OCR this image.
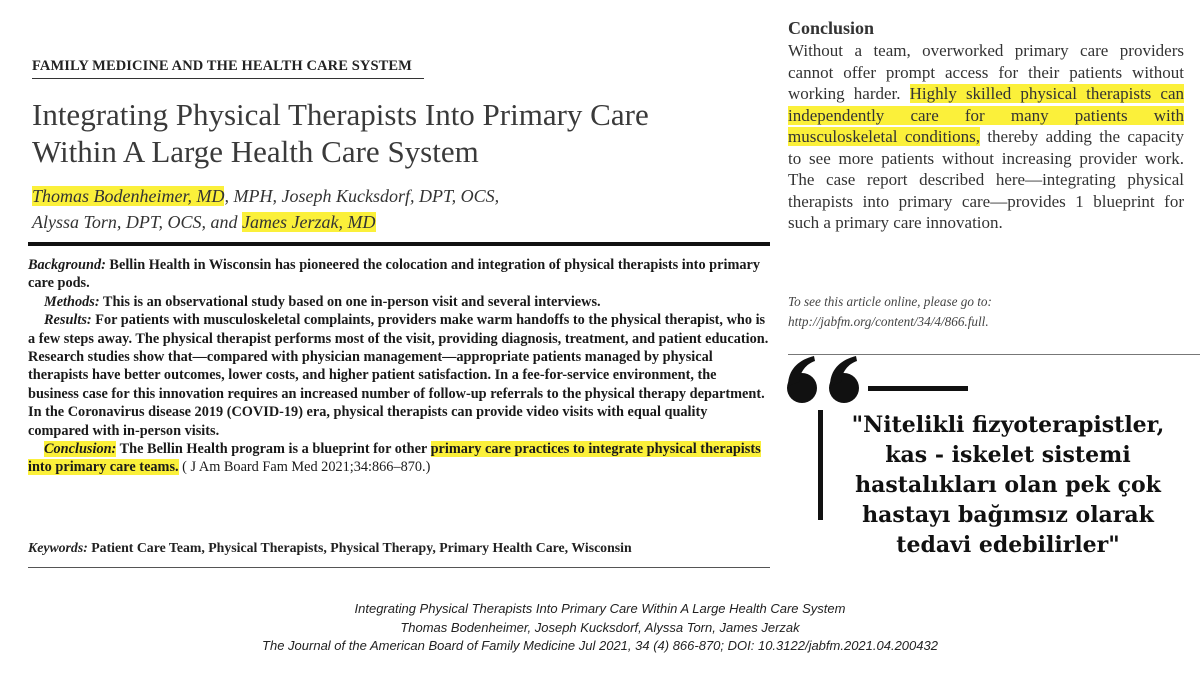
FAMILY MEDICINE AND THE HEALTH CARE SYSTEM
Integrating Physical Therapists Into Primary Care
Within A Large Health Care System
Thomas Bodenheimer, MD, MPH, Joseph Kucksdorf, DPT, OCS,
Alyssa Torn, DPT, OCS, and James Jerzak, MD

Background: Bellin Health in Wisconsin has pioneered the colocation and integration of physical therapists into primary care pods.

Methods: This is an observational study based on one in-person visit and several interviews.

Results: For patients with musculoskeletal complaints, providers make warm handoffs to the physical therapist, who is a few steps away. The physical therapist performs most of the visit, providing diagnosis, treatment, and patient education. Research studies show that—compared with physician management—appropriate patients managed by physical therapists have better outcomes, lower costs, and higher patient satisfaction. In a fee-for-service environment, the business case for this innovation requires an increased number of follow-up referrals to the physical therapy department. In the Coronavirus disease 2019 (COVID-19) era, physical therapists can provide video visits with equal quality compared with in-person visits.

Conclusion: The Bellin Health program is a blueprint for other primary care practices to integrate physical therapists into primary care teams. ( J Am Board Fam Med 2021;34:866–870.)

Keywords: Patient Care Team, Physical Therapists, Physical Therapy, Primary Health Care, Wisconsin
Conclusion
Without a team, overworked primary care providers cannot offer prompt access for their patients without working harder. Highly skilled physical therapists can independently care for many patients with musculoskeletal conditions, thereby adding the capacity to see more patients without increasing provider work. The case report described here—integrating physical therapists into primary care—provides 1 blueprint for such a primary care innovation.
To see this article online, please go to: http://jabfm.org/content/34/4/866.full.
"Nitelikli fizyoterapistler, kas - iskelet sistemi hastalıkları olan pek çok hastayı bağımsız olarak tedavi edebilirler"
Integrating Physical Therapists Into Primary Care Within A Large Health Care System
Thomas Bodenheimer, Joseph Kucksdorf, Alyssa Torn, James Jerzak
The Journal of the American Board of Family Medicine Jul 2021, 34 (4) 866-870; DOI: 10.3122/jabfm.2021.04.200432
